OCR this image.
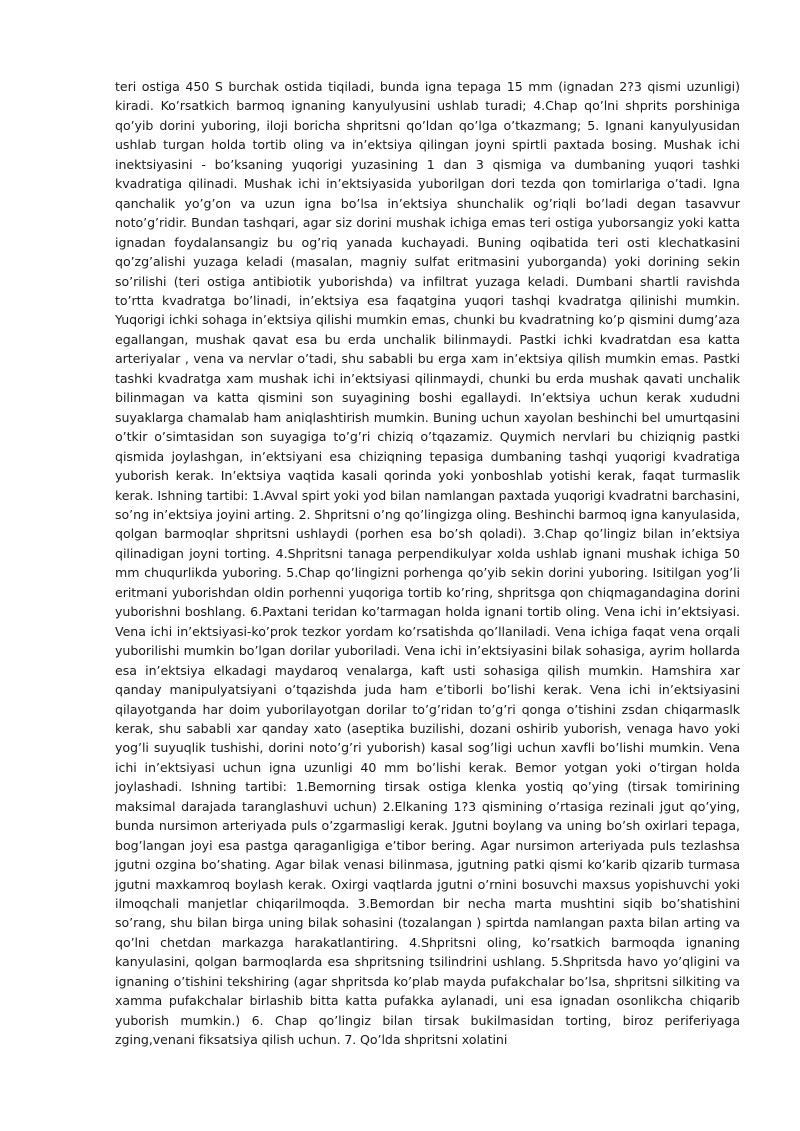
teri ostiga 450 S burchak ostida tiqiladi, bunda igna tepaga 15 mm (ignadan 2?3 qismi uzunligi) kiradi. Ko’rsatkich barmoq ignaning kanyulyusini ushlab turadi; 4.Chap qo’lni shprits porshiniga qo’yib dorini yuboring, iloji boricha shpritsni qo’ldan qo’lga o’tkazmang; 5. Ignani kanyulyusidan ushlab turgan holda tortib oling va in’ektsiya qilingan joyni spirtli paxtada bosing. Mushak ichi inektsiyasini - bo’ksaning yuqorigi yuzasining 1 dan 3 qismiga va dumbaning yuqori tashki kvadratiga qilinadi. Mushak ichi in’ektsiyasida yuborilgan dori tezda qon tomirlariga o’tadi. Igna qanchalik yo’g’on va uzun igna bo’lsa in’ektsiya shunchalik og’riqli bo’ladi degan tasavvur noto’g’ridir. Bundan tashqari, agar siz dorini mushak ichiga emas teri ostiga yuborsangiz yoki katta ignadan foydalansangiz bu og’riq yanada kuchayadi. Buning oqibatida teri osti klechatkasini qo’zg’alishi yuzaga keladi (masalan, magniy sulfat eritmasini yuborganda) yoki dorining sekin so’rilishi (teri ostiga antibiotik yuborishda) va infiltrat yuzaga keladi. Dumbani shartli ravishda to’rtta kvadratga bo’linadi, in’ektsiya esa faqatgina yuqori tashqi kvadratga qilinishi mumkin. Yuqorigi ichki sohaga in’ektsiya qilishi mumkin emas, chunki bu kvadratning ko’p qismini dumg’aza egallangan, mushak qavat esa bu erda unchalik bilinmaydi. Pastki ichki kvadratdan esa katta arteriyalar , vena va nervlar o’tadi, shu sababli bu erga xam in’ektsiya qilish mumkin emas. Pastki tashki kvadratga xam mushak ichi in’ektsiyasi qilinmaydi, chunki bu erda mushak qavati unchalik bilinmagan va katta qismini son suyagining boshi egallaydi. In’ektsiya uchun kerak xududni suyaklarga chamalab ham aniqlashtirish mumkin. Buning uchun xayolan beshinchi bel umurtqasini o’tkir o’simtasidan son suyagiga to’g’ri chiziq o’tqazamiz. Quymich nervlari bu chiziqnig pastki qismida joylashgan, in’ektsiyani esa chiziqning tepasiga dumbaning tashqi yuqorigi kvadratiga yuborish kerak. In’ektsiya vaqtida kasali qorinda yoki yonboshlab yotishi kerak, faqat turmaslik kerak. Ishning tartibi: 1.Avval spirt yoki yod bilan namlangan paxtada yuqorigi kvadratni barchasini, so’ng in’ektsiya joyini arting. 2. Shpritsni o’ng qo’lingizga oling. Beshinchi barmoq igna kanyulasida, qolgan barmoqlar shpritsni ushlaydi (porhen esa bo’sh qoladi). 3.Chap qo’lingiz bilan in’ektsiya qilinadigan joyni torting. 4.Shpritsni tanaga perpendikulyar xolda ushlab ignani mushak ichiga 50 mm chuqurlikda yuboring. 5.Chap qo’lingizni porhenga qo’yib sekin dorini yuboring. Isitilgan yog’li eritmani yuborishdan oldin porhenni yuqoriga tortib ko’ring, shpritsga qon chiqmagandagina dorini yuborishni boshlang. 6.Paxtani teridan ko’tarmagan holda ignani tortib oling. Vena ichi in’ektsiyasi. Vena ichi in’ektsiyasi-ko’prok tezkor yordam ko’rsatishda qo’llaniladi. Vena ichiga faqat vena orqali yuborilishi mumkin bo’lgan dorilar yuboriladi. Vena ichi in’ektsiyasini bilak sohasiga, ayrim hollarda esa in’ektsiya elkadagi maydaroq venalarga, kaft usti sohasiga qilish mumkin. Hamshira xar qanday manipulyatsiyani o’tqazishda juda ham e’tiborli bo’lishi kerak. Vena ichi in’ektsiyasini qilayotganda har doim yuborilayotgan dorilar to’g’ridan to’g’ri qonga o’tishini zsdan chiqarmaslk kerak, shu sababli xar qanday xato (aseptika buzilishi, dozani oshirib yuborish, venaga havo yoki yog’li suyuqlik tushishi, dorini noto’g’ri yuborish) kasal sog’ligi uchun xavfli bo’lishi mumkin. Vena ichi in’ektsiyasi uchun igna uzunligi 40 mm bo’lishi kerak. Bemor yotgan yoki o’tirgan holda joylashadi. Ishning tartibi: 1.Bemorning tirsak ostiga klenka yostiq qo’ying (tirsak tomirining maksimal darajada taranglashuvi uchun) 2.Elkaning 1?3 qismining o’rtasiga rezinali jgut qo’ying, bunda nursimon arteriyada puls o’zgarmasligi kerak. Jgutni boylang va uning bo’sh oxirlari tepaga, bog’langan joyi esa pastga qaraganligiga e’tibor bering. Agar nursimon arteriyada puls tezlashsa jgutni ozgina bo’shating. Agar bilak venasi bilinmasa, jgutning patki qismi ko’karib qizarib turmasa jgutni maxkamroq boylash kerak. Oxirgi vaqtlarda jgutni o’rnini bosuvchi maxsus yopishuvchi yoki ilmoqchali manjetlar chiqarilmoqda. 3.Bemordan bir necha marta mushtini siqib bo’shatishini so’rang, shu bilan birga uning bilak sohasini (tozalangan ) spirtda namlangan paxta bilan arting va qo’lni chetdan markazga harakatlantiring. 4.Shpritsni oling, ko’rsatkich barmoqda ignaning kanyulasini, qolgan barmoqlarda esa shpritsning tsilindrini ushlang. 5.Shpritsda havo yo’qligini va ignaning o’tishini tekshiring (agar shpritsda ko’plab mayda pufakchalar bo’lsa, shpritsni silkiting va xamma pufakchalar birlashib bitta katta pufakka aylanadi, uni esa ignadan osonlikcha chiqarib yuborish mumkin.) 6. Chap qo’lingiz bilan tirsak bukilmasidan torting, biroz periferiyaga zging,venani fiksatsiya qilish uchun. 7. Qo’lda shpritsni xolatini
